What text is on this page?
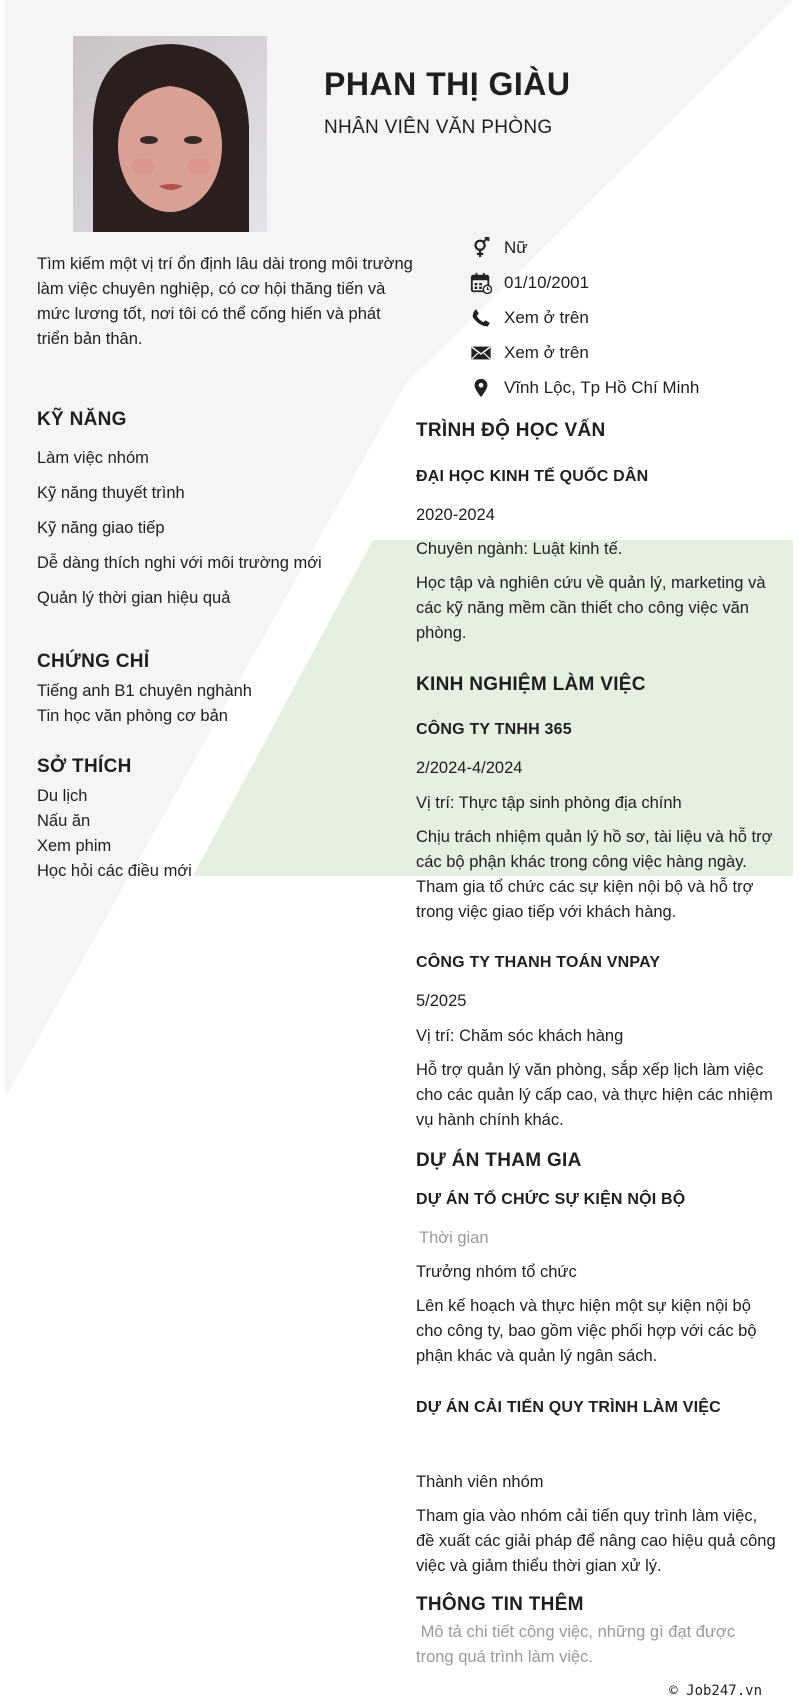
PHAN THỊ GIÀU
NHÂN VIÊN VĂN PHÒNG
Tìm kiếm một vị trí ổn định lâu dài trong môi trường làm việc chuyên nghiệp, có cơ hội thăng tiến và mức lương tốt, nơi tôi có thể cống hiến và phát triển bản thân.
Nữ
01/10/2001
Xem ở trên
Xem ở trên
Vĩnh Lộc, Tp Hồ Chí Minh
KỸ NĂNG
Làm việc nhóm
Kỹ năng thuyết trình
Kỹ năng giao tiếp
Dễ dàng thích nghi với môi trường mới
Quản lý thời gian hiệu quả
CHỨNG CHỈ
Tiếng anh B1 chuyên nghành
Tin học văn phòng cơ bản
SỞ THÍCH
Du lịch
Nấu ăn
Xem phim
Học hỏi các điều mới
TRÌNH ĐỘ HỌC VẤN
ĐẠI HỌC KINH TẾ QUỐC DÂN
2020-2024
Chuyên ngành: Luật kinh tế.
Học tập và nghiên cứu về quản lý, marketing và các kỹ năng mềm cần thiết cho công việc văn phòng.
KINH NGHIỆM LÀM VIỆC
CÔNG TY TNHH 365
2/2024-4/2024
Vị trí: Thực tập sinh phòng địa chính
Chịu trách nhiệm quản lý hồ sơ, tài liệu và hỗ trợ các bộ phận khác trong công việc hàng ngày. Tham gia tổ chức các sự kiện nội bộ và hỗ trợ trong việc giao tiếp với khách hàng.
CÔNG TY THANH TOÁN VNPAY
5/2025
Vị trí: Chăm sóc khách hàng
Hỗ trợ quản lý văn phòng, sắp xếp lịch làm việc cho các quản lý cấp cao, và thực hiện các nhiệm vụ hành chính khác.
DỰ ÁN THAM GIA
DỰ ÁN TỔ CHỨC SỰ KIỆN NỘI BỘ
Thời gian
Trưởng nhóm tổ chức
Lên kế hoạch và thực hiện một sự kiện nội bộ cho công ty, bao gồm việc phối hợp với các bộ phận khác và quản lý ngân sách.
DỰ ÁN CẢI TIẾN QUY TRÌNH LÀM VIỆC
Thành viên nhóm
Tham gia vào nhóm cải tiến quy trình làm việc, đề xuất các giải pháp để nâng cao hiệu quả công việc và giảm thiểu thời gian xử lý.
THÔNG TIN THÊM
Mô tả chi tiết công việc, những gì đạt được trong quá trình làm việc.
© Job247.vn
